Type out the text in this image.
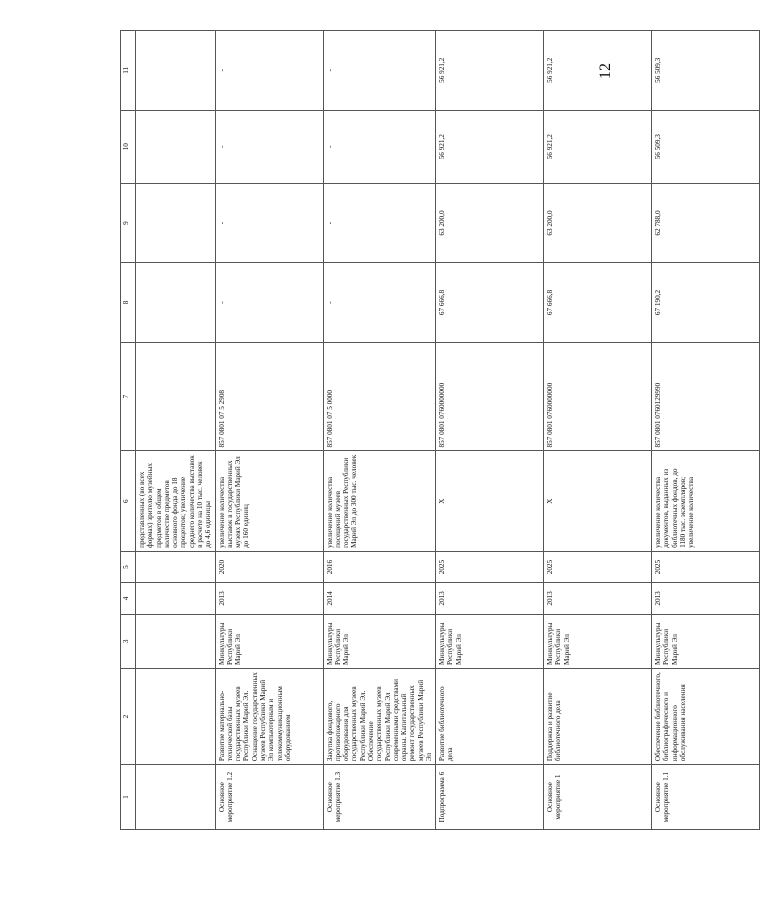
12
1	2	3	4	5	6	7	8	9	10	11
					представленных (во всех формах) зрителю музейных предметов в общем количестве предметов основного фонда до 18 процентов; увеличение среднего количества выставок в расчете на 10 тыс. человек до 4,6 единицы					
Основное мероприятие 1.2	Развитие материально-технической базы государственных музеев Республики Марий Эл. Оснащение государственных музеев Республики Марий Эл компьютерным и телекоммуникационным оборудованием	Минкультуры Республики Марий Эл	2013	2020	увеличение количества выставок в государственных музеях Республики Марий Эл до 160 единиц	857 0801 07 5 2908	-	-	-	-
Основное мероприятие 1.3	Закупка фондового, противопожарного оборудования для государственных музеев Республики Марий Эл. Обеспечение государственных музеев Республики Марий Эл современными средствами охраны. Капитальный ремонт государственных музеев Республики Марий Эл	Минкультуры Республики Марий Эл	2014	2016	увеличение количества посещений музеев государственных Республики Марий Эл до 300 тыс. человек	857 0801 07 5 0000	-	-	-	-
Подпрограмма 6	Развитие библиотечного дела	Минкультуры Республики Марий Эл	2013	2025	X	857 0801 0760000000	67 666,8	63 200,0	56 921,2	56 921,2
Основное мероприятие 1	Поддержка и развитие библиотечного дела	Минкультуры Республики Марий Эл	2013	2025	X	857 0801 0760000000	67 666,8	63 200,0	56 921,2	56 921,2
Основное мероприятие 1.1	Обеспечение библиотечного, библиографического и информационного обслуживания населения	Минкультуры Республики Марий Эл	2013	2025	увеличение количества документов, выданных из библиотечных фондов, до 1180 тыс. экземпляров; увеличение количества	857 0801 0760129990	67 190,2	62 788,0	56 509,3	56 509,3
